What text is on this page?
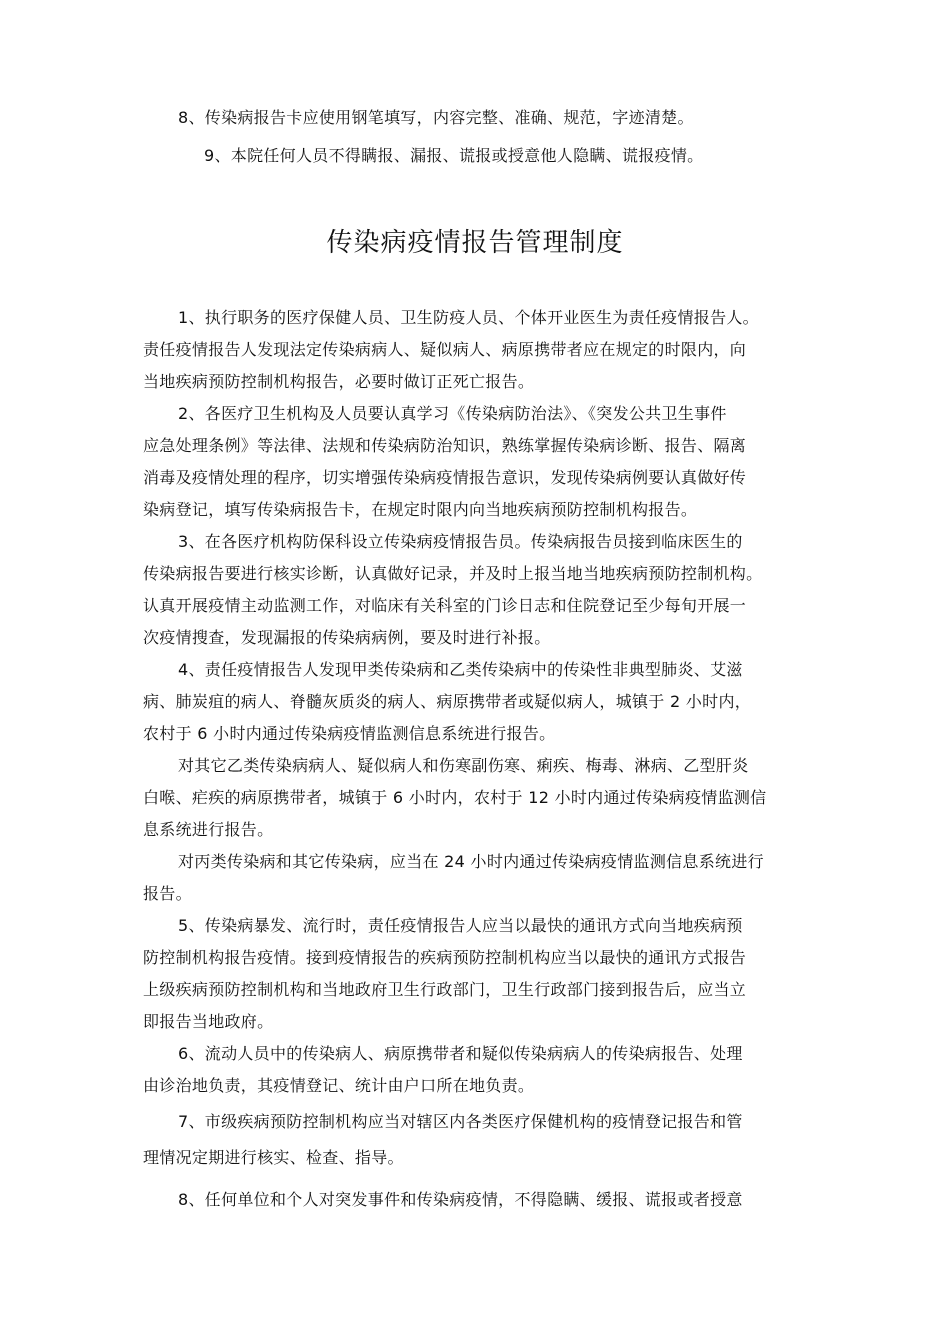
8、传染病报告卡应使用钢笔填写，内容完整、准确、规范，字迹清楚。
9、本院任何人员不得瞒报、漏报、谎报或授意他人隐瞒、谎报疫情。
传染病疫情报告管理制度
1、执行职务的医疗保健人员、卫生防疫人员、个体开业医生为责任疫情报告人。
责任疫情报告人发现法定传染病病人、疑似病人、病原携带者应在规定的时限内，向
当地疾病预防控制机构报告，必要时做订正死亡报告。
2、各医疗卫生机构及人员要认真学习《传染病防治法》、《突发公共卫生事件
应急处理条例》等法律、法规和传染病防治知识，熟练掌握传染病诊断、报告、隔离
消毒及疫情处理的程序，切实增强传染病疫情报告意识，发现传染病例要认真做好传
染病登记，填写传染病报告卡，在规定时限内向当地疾病预防控制机构报告。
3、在各医疗机构防保科设立传染病疫情报告员。传染病报告员接到临床医生的
传染病报告要进行核实诊断，认真做好记录，并及时上报当地当地疾病预防控制机构。
认真开展疫情主动监测工作，对临床有关科室的门诊日志和住院登记至少每旬开展一
次疫情搜查，发现漏报的传染病病例，要及时进行补报。
4、责任疫情报告人发现甲类传染病和乙类传染病中的传染性非典型肺炎、艾滋
病、肺炭疽的病人、脊髓灰质炎的病人、病原携带者或疑似病人，城镇于 2 小时内，
农村于 6 小时内通过传染病疫情监测信息系统进行报告。
对其它乙类传染病病人、疑似病人和伤寒副伤寒、痢疾、梅毒、淋病、乙型肝炎
白喉、疟疾的病原携带者，城镇于 6 小时内，农村于 12 小时内通过传染病疫情监测信
息系统进行报告。
对丙类传染病和其它传染病，应当在 24 小时内通过传染病疫情监测信息系统进行
报告。
5、传染病暴发、流行时，责任疫情报告人应当以最快的通讯方式向当地疾病预
防控制机构报告疫情。接到疫情报告的疾病预防控制机构应当以最快的通讯方式报告
上级疾病预防控制机构和当地政府卫生行政部门，卫生行政部门接到报告后，应当立
即报告当地政府。
6、流动人员中的传染病人、病原携带者和疑似传染病病人的传染病报告、处理
由诊治地负责，其疫情登记、统计由户口所在地负责。
7、市级疾病预防控制机构应当对辖区内各类医疗保健机构的疫情登记报告和管
理情况定期进行核实、检查、指导。
8、任何单位和个人对突发事件和传染病疫情，不得隐瞒、缓报、谎报或者授意
